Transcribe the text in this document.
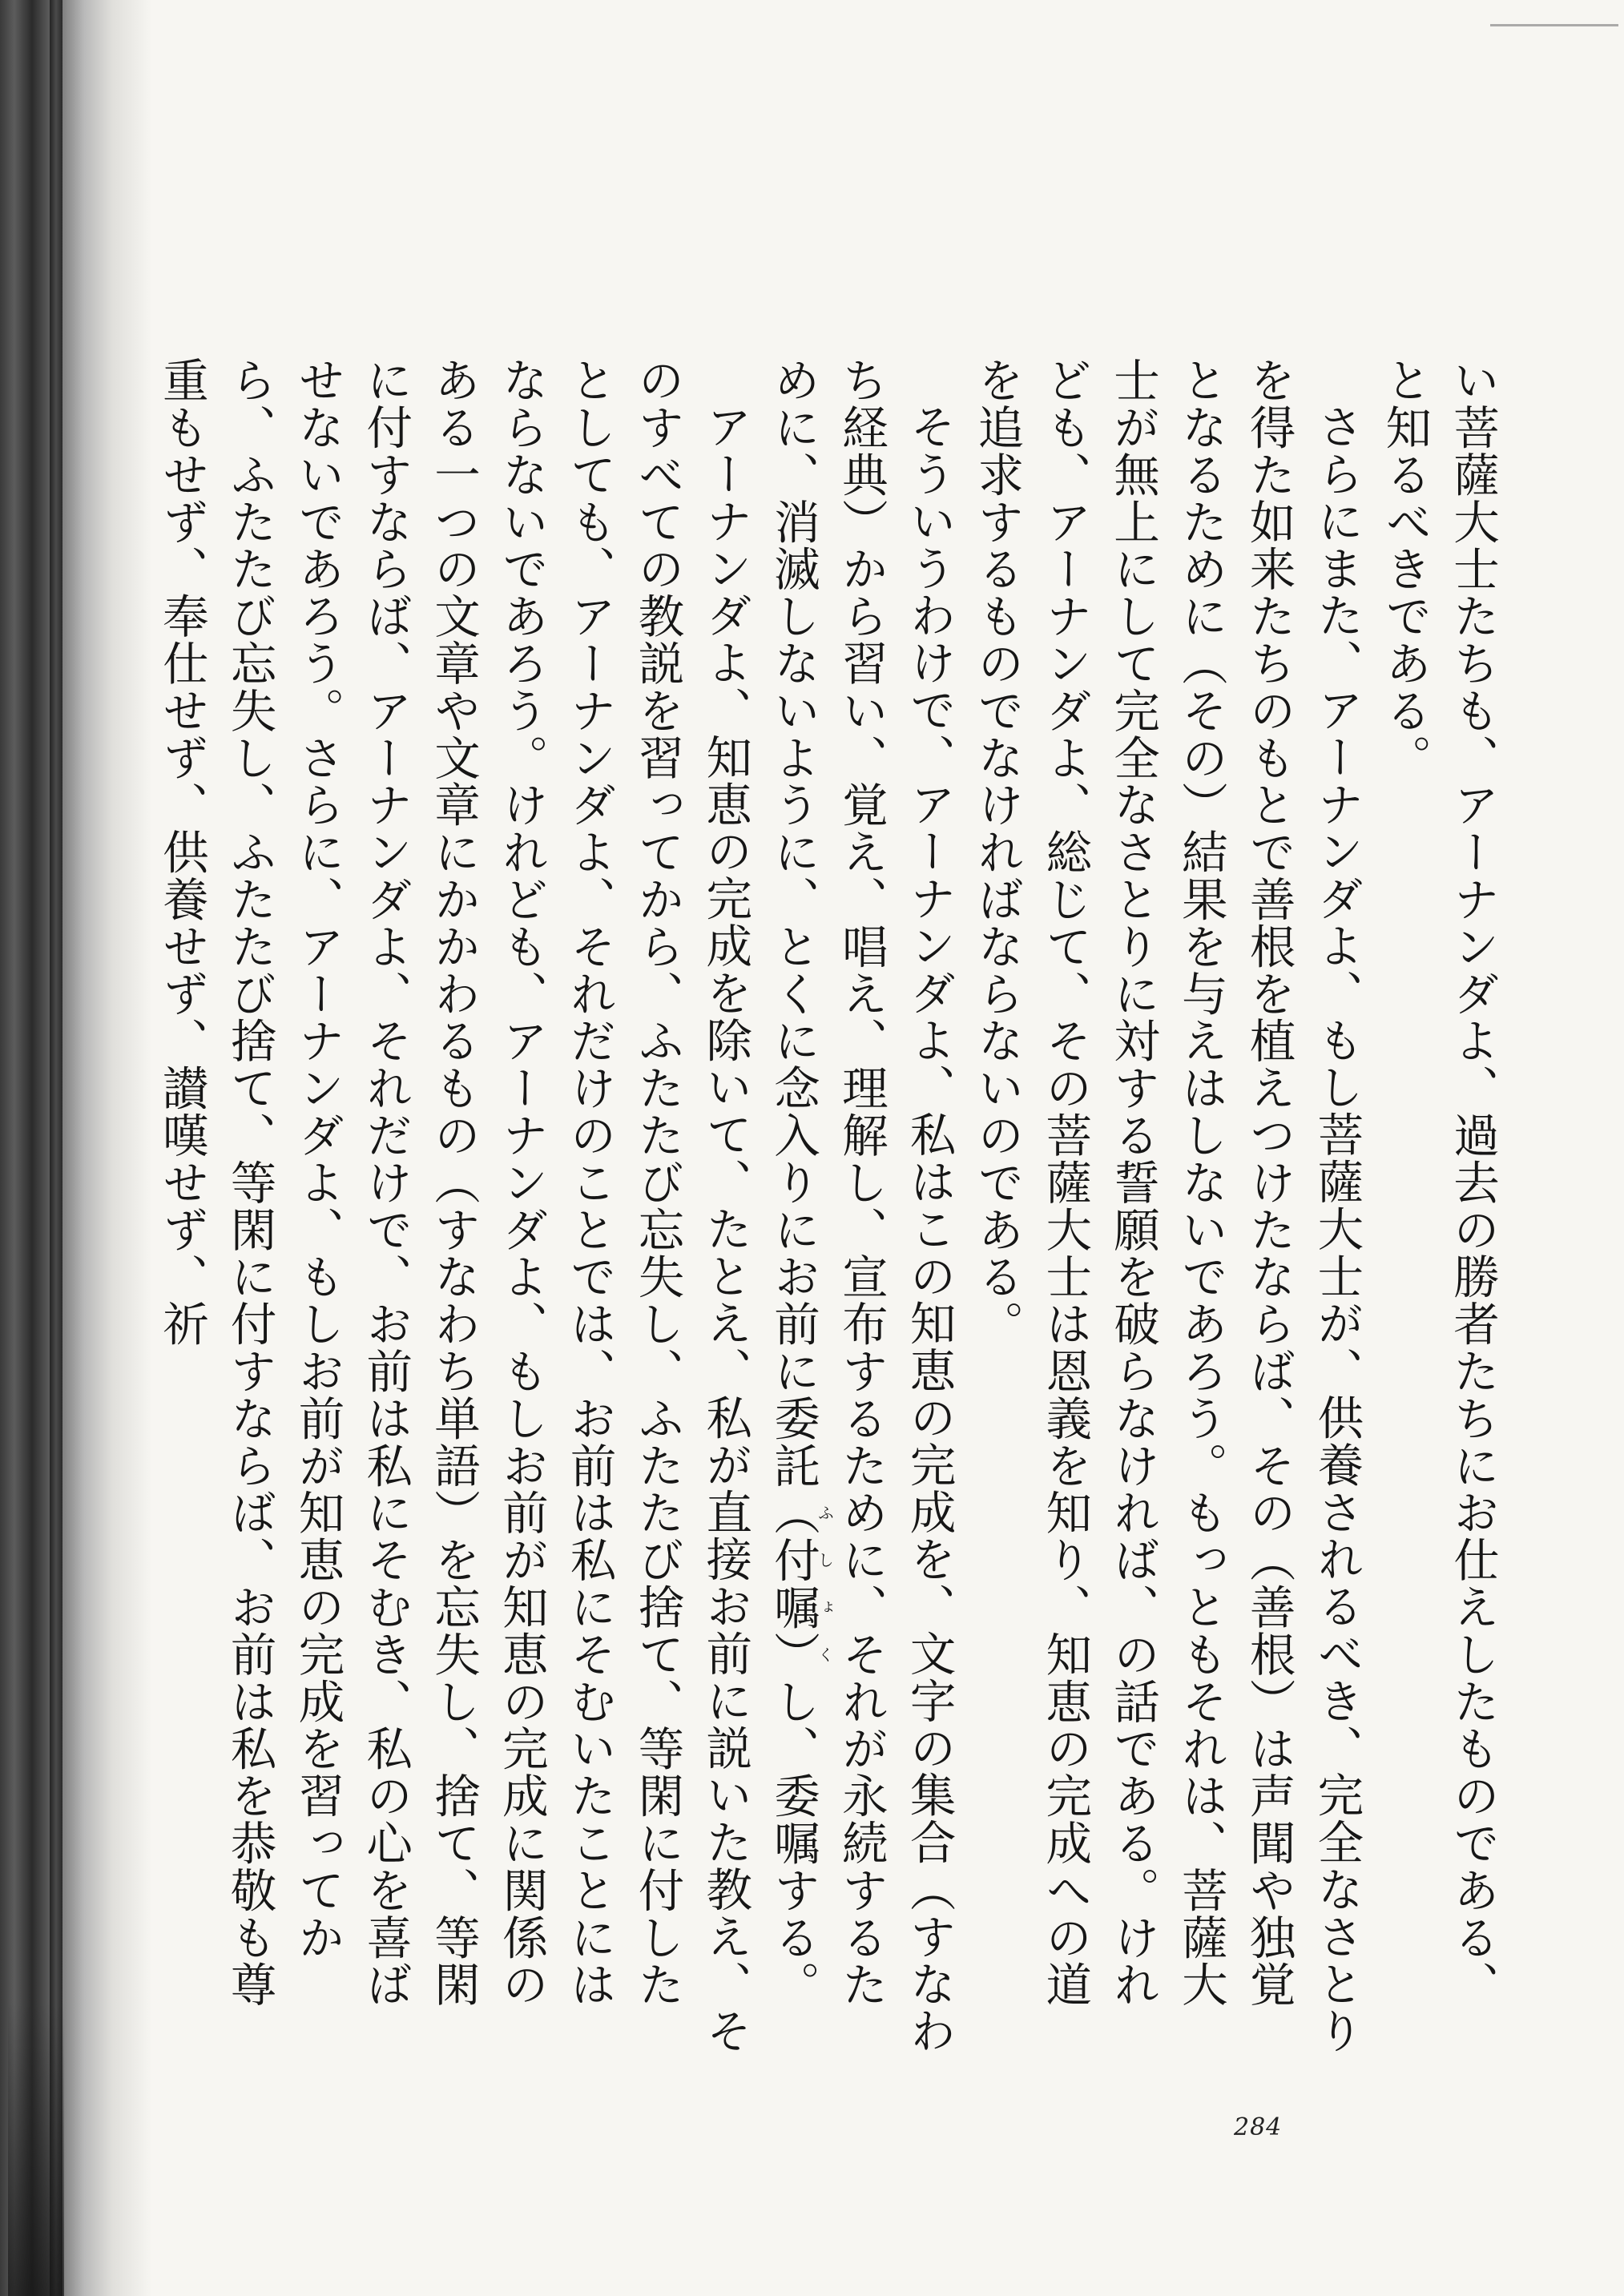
い菩薩大士たちも、アーナンダよ、過去の勝者たちにお仕えしたものである、と知るべきである。

さらにまた、アーナンダよ、もし菩薩大士が、供養されるべき、完全なさとりを得た如来たちのもとで善根を植えつけたならば、その（善根）は声聞や独覚となるために（その）結果を与えはしないであろう。もっともそれは、菩薩大士が無上にして完全なさとりに対する誓願を破らなければ、の話である。けれども、アーナンダよ、総じて、その菩薩大士は恩義を知り、知恵の完成への道を追求するものでなければならないのである。

そういうわけで、アーナンダよ、私はこの知恵の完成を、文字の集合（すなわち経典）から習い、覚え、唱え、理解し、宣布するために、それが永続するために、消滅しないように、とくに念入りにお前に委託（付嘱）ふしょくし、委嘱する。

アーナンダよ、知恵の完成を除いて、たとえ、私が直接お前に説いた教え、そのすべての教説を習ってから、ふたたび忘失し、ふたたび捨て、等閑に付したとしても、アーナンダよ、それだけのことでは、お前は私にそむいたことにはならないであろう。けれども、アーナンダよ、もしお前が知恵の完成に関係のある一つの文章や文章にかかわるもの（すなわち単語）を忘失し、捨て、等閑に付すならば、アーナンダよ、それだけで、お前は私にそむき、私の心を喜ばせないであろう。さらに、アーナンダよ、もしお前が知恵の完成を習ってから、ふたたび忘失し、ふたたび捨て、等閑に付すならば、お前は私を恭敬も尊重もせず、奉仕せず、供養せず、讃嘆せず、祈

284
